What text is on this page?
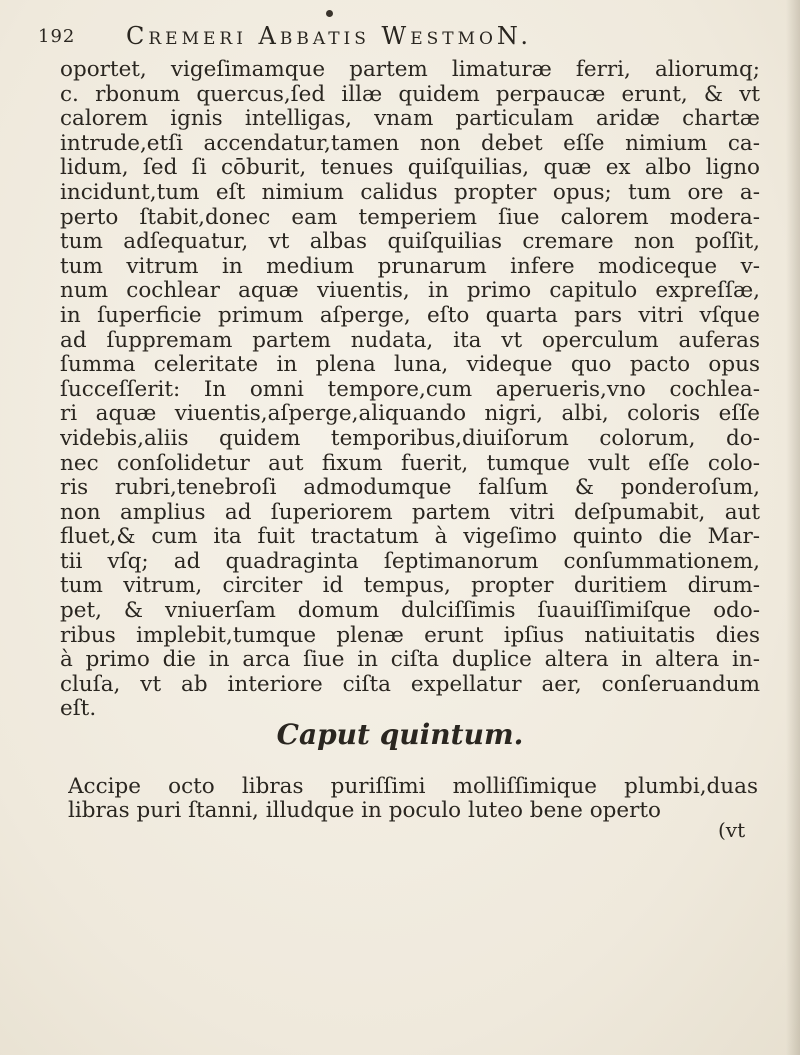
192 Cremeri Abbatis WestmoN.
oportet, vigeſimamque partem limaturæ ferri, aliorumq;
c. rbonum quercus,ſed illæ quidem perpaucæ erunt, & vt
calorem ignis intelligas, vnam particulam aridæ chartæ
intrude,etſi accendatur,tamen non debet eſſe nimium ca-
lidum, ſed ſi cōburit, tenues quiſquilias, quæ ex albo ligno
incidunt,tum eſt nimium calidus propter opus; tum ore a-
perto ſtabit,donec eam temperiem ſiue calorem modera-
tum adſequatur, vt albas quiſquilias cremare non poſſit,
tum vitrum in medium prunarum infere modiceque v-
num cochlear aquæ viuentis, in primo capitulo expreſſæ,
in ſuperficie primum aſperge, eſto quarta pars vitri vſque
ad ſuppremam partem nudata, ita vt operculum auferas
ſumma celeritate in plena luna, videque quo pacto opus
ſucceſſerit: In omni tempore,cum aperueris,vno cochlea-
ri aquæ viuentis,aſperge,aliquando nigri, albi, coloris eſſe
videbis,aliis quidem temporibus,diuiſorum colorum, do-
nec conſolidetur aut fixum fuerit, tumque vult eſſe colo-
ris rubri,tenebroſi admodumque falſum & ponderoſum,
non amplius ad ſuperiorem partem vitri deſpumabit, aut
fluet,& cum ita fuit tractatum à vigeſimo quinto die Mar-
tii vſq; ad quadraginta ſeptimanorum conſummationem,
tum vitrum, circiter id tempus, propter duritiem dirum-
pet, & vniuerſam domum dulciſſimis ſuauiſſimiſque odo-
ribus implebit,tumque plenæ erunt ipſius natiuitatis dies
à primo die in arca ſiue in ciſta duplice altera in altera in-
cluſa, vt ab interiore ciſta expellatur aer, conſeruandum
eſt.
Caput quintum.
Accipe octo libras puriſſimi molliſſimique plumbi,duas
libras puri ſtanni, illudque in poculo luteo bene operto
(vt
